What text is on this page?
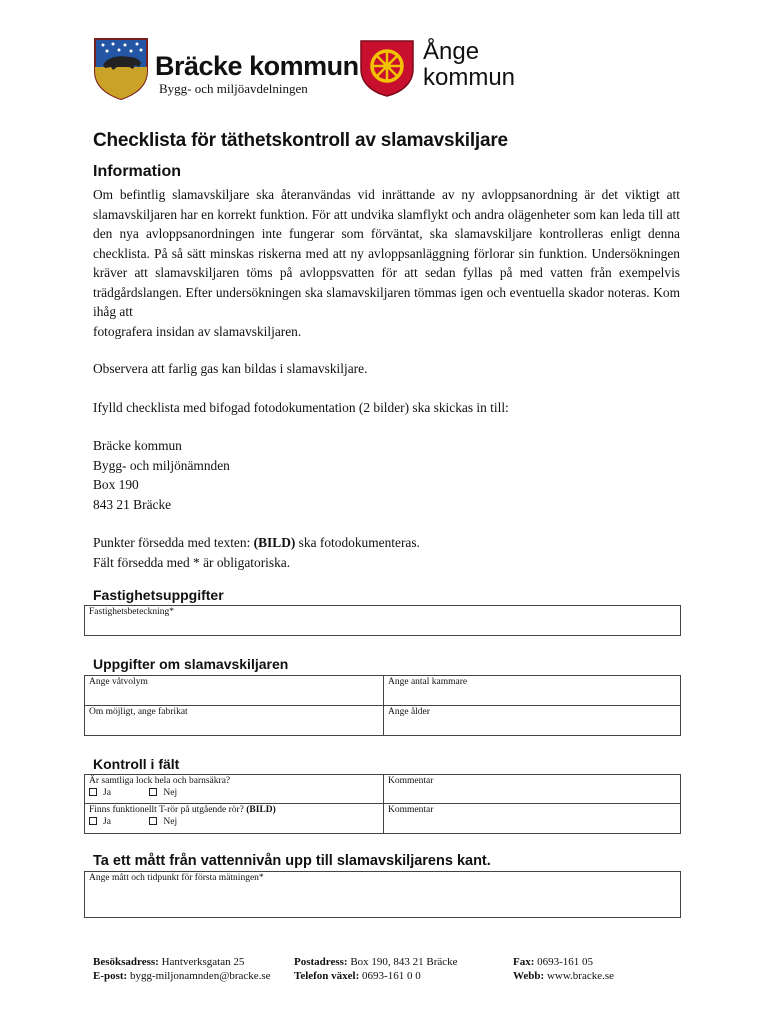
Bräcke kommun
Bygg- och miljöavdelningen
Ånge
kommun
Checklista för täthetskontroll av slamavskiljare
Information
Om befintlig slamavskiljare ska återanvändas vid inrättande av ny avloppsanordning är det viktigt att slamavskiljaren har en korrekt funktion. För att undvika slamflykt och andra olägenheter som kan leda till att den nya avloppsanordningen inte fungerar som förväntat, ska slamavskiljare kontrolleras enligt denna checklista. På så sätt minskas riskerna med att ny avloppsanläggning förlorar sin funktion. Undersökningen kräver att slamavskiljaren töms på avloppsvatten för att sedan fyllas på med vatten från exempelvis trädgårdslangen. Efter undersökningen ska slamavskiljaren tömmas igen och eventuella skador noteras. Kom ihåg att
fotografera insidan av slamavskiljaren.
Observera att farlig gas kan bildas i slamavskiljare.
Ifylld checklista med bifogad fotodokumentation (2 bilder) ska skickas in till:
Bräcke kommun
Bygg- och miljönämnden
Box 190
843 21 Bräcke
Punkter försedda med texten: (BILD) ska fotodokumenteras.
Fält försedda med * är obligatoriska.
Fastighetsuppgifter
Fastighetsbeteckning*
Uppgifter om slamavskiljaren
Ange våtvolym	Ange antal kammare
Om möjligt, ange fabrikat	Ange ålder
Kontroll i fält
Är samtliga lock hela och barnsäkra?
Ja	Nej
Kommentar
Finns funktionellt T-rör på utgående rör? (BILD)
Ja	Nej
Kommentar
Ta ett mått från vattennivån upp till slamavskiljarens kant.
Ange mått och tidpunkt för första mätningen*
Besöksadress: Hantverksgatan 25
E-post: bygg-miljonamnden@bracke.se
Postadress: Box 190, 843 21 Bräcke
Telefon växel: 0693-161 0 0
Fax: 0693-161 05
Webb: www.bracke.se
